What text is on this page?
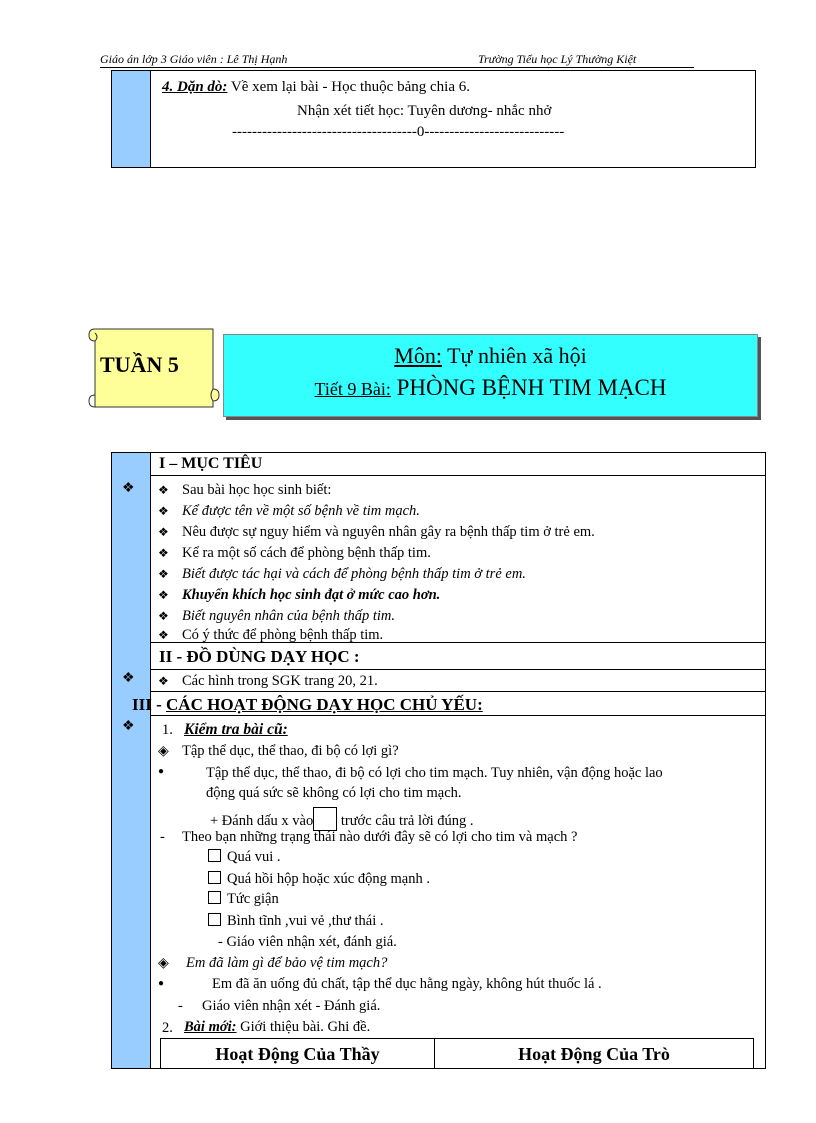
Giáo án lớp 3 Giáo viên : Lê Thị Hạnh	Trường Tiểu học Lý Thường Kiệt
4. Dặn dò: Về xem lại bài - Học thuộc bảng chia 6.
Nhận xét tiết học: Tuyên dương- nhắc nhở
-------------------------------------0----------------------------
TUẦN 5	Môn: Tự nhiên xã hội
Tiết 9 Bài: PHÒNG BỆNH TIM MẠCH
I – MỤC TIÊU
❖ ❖ Sau bài học học sinh biết:
❖ Kể được tên về một số bệnh về tim mạch.
❖ Nêu được sự nguy hiểm và nguyên nhân gây ra bệnh thấp tim ở trẻ em.
❖ Kể ra một số cách để phòng bệnh thấp tim.
❖ Biết được tác hại và cách để phòng bệnh thấp tim ở trẻ em.
❖ Khuyến khích học sinh đạt ở mức cao hơn.
❖ Biết nguyên nhân của bệnh thấp tim.
❖ Có ý thức để phòng bệnh thấp tim.
II - ĐỒ DÙNG DẠY HỌC :
❖ ❖ Các hình trong SGK trang 20, 21.
III - CÁC HOẠT ĐỘNG DẠY HỌC CHỦ YẾU:
❖ 1. Kiểm tra bài cũ:
◈ Tập thể dục, thể thao, đi bộ có lợi gì?
●	Tập thể dục, thể thao, đi bộ có lợi cho tim mạch. Tuy nhiên, vận động hoặc lao
động quá sức sẽ không có lợi cho tim mạch.
+ Đánh dấu x vào trước câu trả lời đúng .
- Theo bạn những trạng thái nào dưới đây sẽ có lợi cho tim và mạch ?
Quá vui .
Quá hồi hộp hoặc xúc động mạnh .
Tức giận
Bình tĩnh ,vui vẻ ,thư thái .
- Giáo viên nhận xét, đánh giá.
◈ Em đã làm gì để bảo vệ tim mạch?
●	Em đã ăn uống đủ chất, tập thể dục hằng ngày, không hút thuốc lá .
- Giáo viên nhận xét - Đánh giá.
2. Bài mới: Giới thiệu bài. Ghi đề.
Hoạt Động Của Thầy	Hoạt Động Của Trò
